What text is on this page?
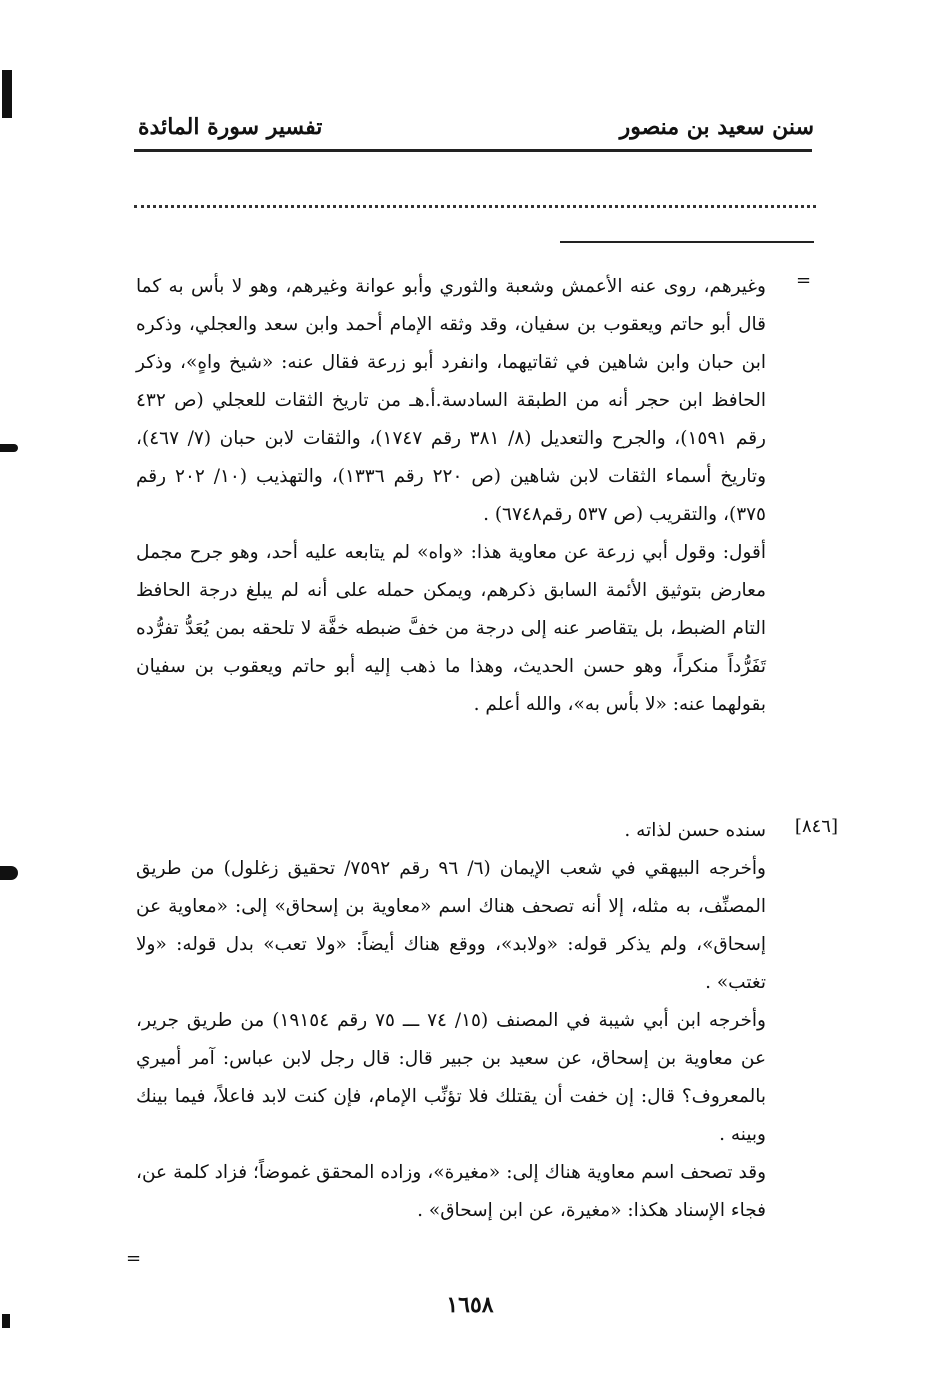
سنن سعيد بن منصور
تفسير سورة المائدة
=

وغيرهم، روى عنه الأعمش وشعبة والثوري وأبو عوانة وغيرهم، وهو لا بأس به كما قال أبو حاتم ويعقوب بن سفيان، وقد وثقه الإمام أحمد وابن سعد والعجلي، وذكره ابن حبان وابن شاهين في ثقاتيهما، وانفرد أبو زرعة فقال عنه: «شيخ واهٍ»، وذكر الحافظ ابن حجر أنه من الطبقة السادسة.أ.هـ من تاريخ الثقات للعجلي (ص ٤٣٢ رقم ١٥٩١)، والجرح والتعديل (٨/ ٣٨١ رقم ١٧٤٧)، والثقات لابن حبان (٧/ ٤٦٧)، وتاريخ أسماء الثقات لابن شاهين (ص ٢٢٠ رقم ١٣٣٦)، والتهذيب (١٠/ ٢٠٢ رقم ٣٧٥)، والتقريب (ص ٥٣٧ رقم٦٧٤٨) .

أقول: وقول أبي زرعة عن معاوية هذا: «واه» لم يتابعه عليه أحد، وهو جرح مجمل معارض بتوثيق الأئمة السابق ذكرهم، ويمكن حمله على أنه لم يبلغ درجة الحافظ التام الضبط، بل يتقاصر عنه إلى درجة من خفَّ ضبطه خفَّة لا تلحقه بمن يُعَدُّ تفرُّده تَفَرُّداً منكراً، وهو حسن الحديث، وهذا ما ذهب إليه أبو حاتم ويعقوب بن سفيان بقولهما عنه: «لا بأس به»، والله أعلم .

[٨٤٦]

سنده حسن لذاته .

وأخرجه البيهقي في شعب الإيمان (٦/ ٩٦ رقم ٧٥٩٢/ تحقيق زغلول) من طريق المصنِّف، به مثله، إلا أنه تصحف هناك اسم «معاوية بن إسحاق» إلى: «معاوية عن إسحاق»، ولم يذكر قوله: «ولابد»، ووقع هناك أيضاً: «ولا تعب» بدل قوله: «ولا تغتب» .

وأخرجه ابن أبي شيبة في المصنف (١٥/ ٧٤ ـــ ٧٥ رقم ١٩١٥٤) من طريق جرير، عن معاوية بن إسحاق، عن سعيد بن جبير قال: قال رجل لابن عباس: آمر أميري بالمعروف؟ قال: إن خفت أن يقتلك فلا تؤنِّب الإمام، فإن كنت لابد فاعلاً، فيما بينك وبينه .

وقد تصحف اسم معاوية هناك إلى: «مغيرة»، وزاده المحقق غموضاً؛ فزاد كلمة عن، فجاء الإسناد هكذا: «مغيرة، عن ابن إسحاق» .

=
١٦٥٨
